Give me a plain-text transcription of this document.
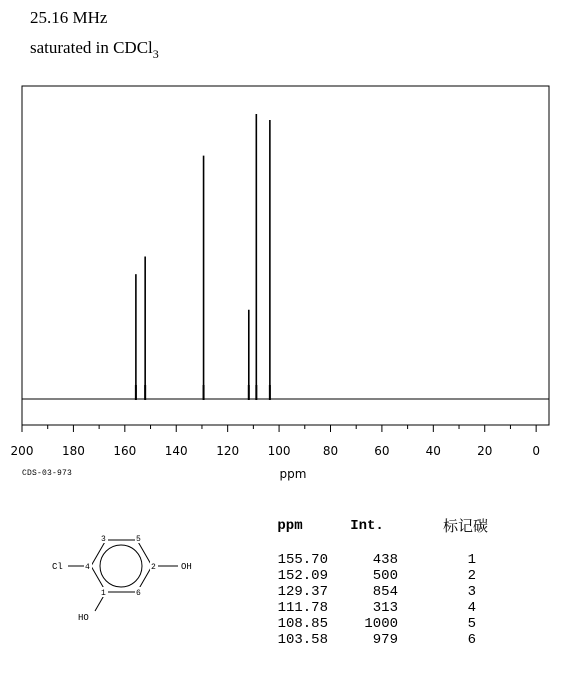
25.16 MHz
saturated in CDCl$_3$
200 180 160 140 120 100	80	60	40	20	0
ppm
CDS-03-973
Cl	OH
HO
3	5
4	2
1	6
ppm	Int.	标记碳
155.70	438	1
152.09	500	2
129.37	854	3
111.78	313	4
108.85	1000	5
103.58	979	6
